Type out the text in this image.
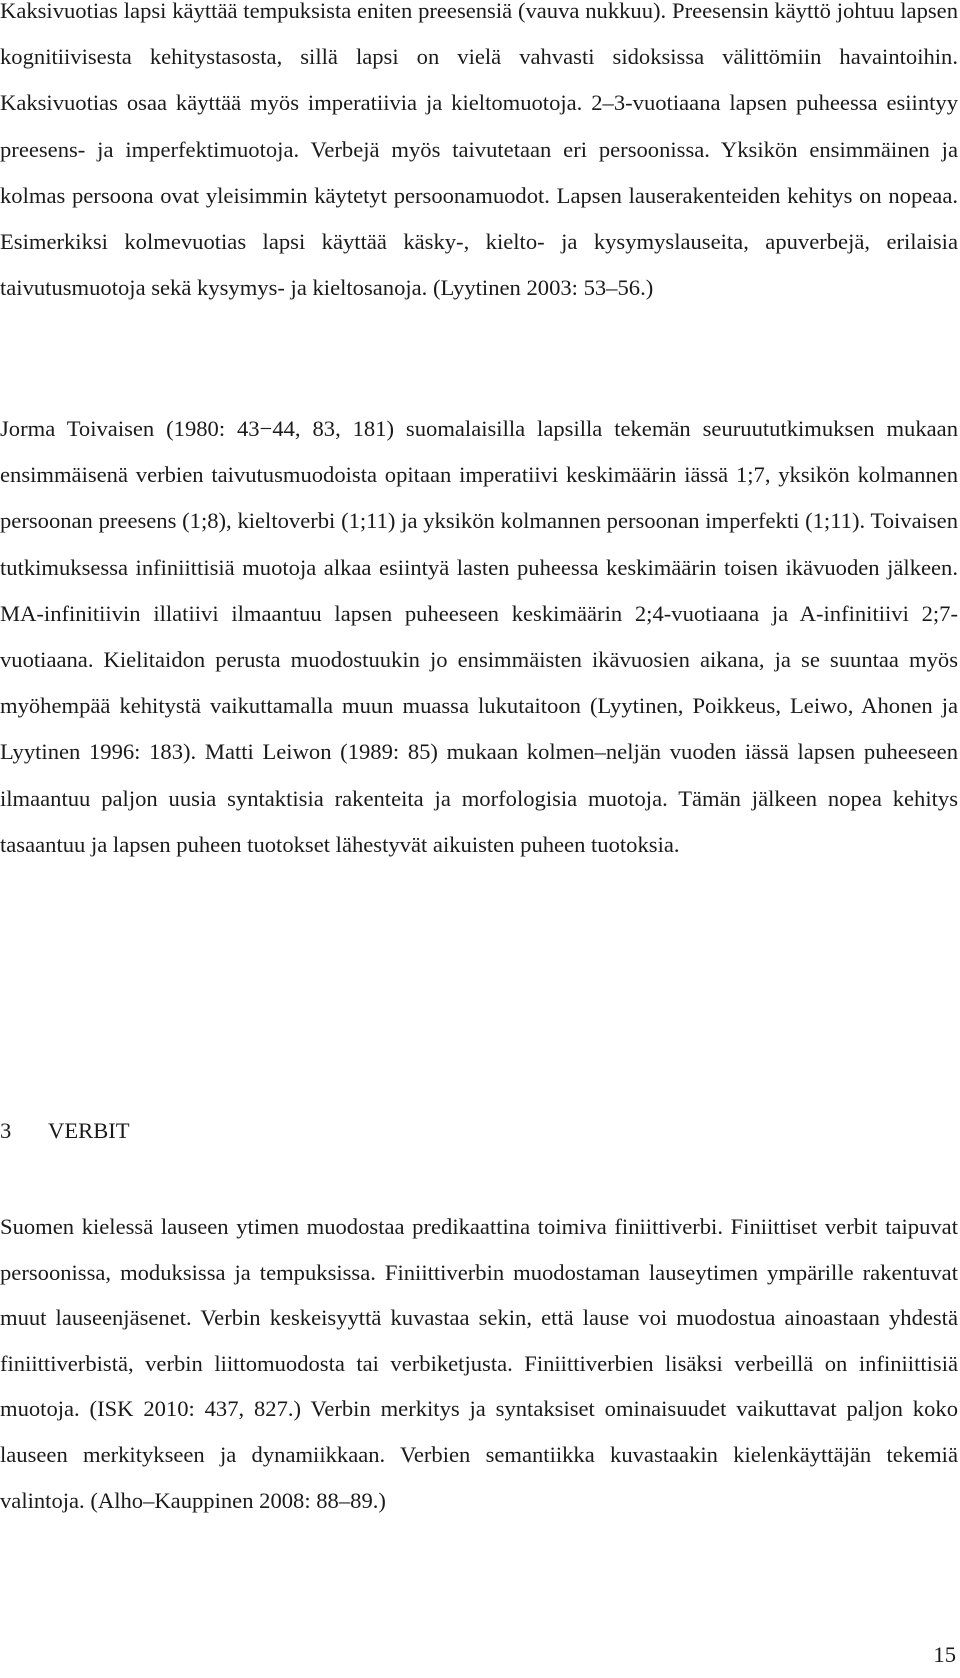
Kaksivuotias lapsi käyttää tempuksista eniten preesensiä (vauva nukkuu). Preesensin käyttö johtuu lapsen kognitiivisesta kehitystasosta, sillä lapsi on vielä vahvasti sidoksissa välittömiin havaintoihin. Kaksivuotias osaa käyttää myös imperatiivia ja kieltomuotoja. 2–3-vuotiaana lapsen puheessa esiintyy preesens- ja imperfektimuotoja. Verbejä myös taivutetaan eri persoonissa. Yksikön ensimmäinen ja kolmas persoona ovat yleisimmin käytetyt persoonamuodot. Lapsen lauserakenteiden kehitys on nopeaa. Esimerkiksi kolmevuotias lapsi käyttää käsky-, kielto- ja kysymyslauseita, apuverbejä, erilaisia taivutusmuotoja sekä kysymys- ja kieltosanoja. (Lyytinen 2003: 53–56.)

Jorma Toivaisen (1980: 43−44, 83, 181) suomalaisilla lapsilla tekemän seuruututkimuksen mukaan ensimmäisenä verbien taivutusmuodoista opitaan imperatiivi keskimäärin iässä 1;7, yksikön kolmannen persoonan preesens (1;8), kieltoverbi (1;11) ja yksikön kolmannen persoonan imperfekti (1;11). Toivaisen tutkimuksessa infiniittisiä muotoja alkaa esiintyä lasten puheessa keskimäärin toisen ikävuoden jälkeen. MA-infinitiivin illatiivi ilmaantuu lapsen puheeseen keskimäärin 2;4-vuotiaana ja A-infinitiivi 2;7-vuotiaana. Kielitaidon perusta muodostuukin jo ensimmäisten ikävuosien aikana, ja se suuntaa myös myöhempää kehitystä vaikuttamalla muun muassa lukutaitoon (Lyytinen, Poikkeus, Leiwo, Ahonen ja Lyytinen 1996: 183). Matti Leiwon (1989: 85) mukaan kolmen–neljän vuoden iässä lapsen puheeseen ilmaantuu paljon uusia syntaktisia rakenteita ja morfologisia muotoja. Tämän jälkeen nopea kehitys tasaantuu ja lapsen puheen tuotokset lähestyvät aikuisten puheen tuotoksia.

3 VERBIT

Suomen kielessä lauseen ytimen muodostaa predikaattina toimiva finiittiverbi. Finiittiset verbit taipuvat persoonissa, moduksissa ja tempuksissa. Finiittiverbin muodostaman lauseytimen ympärille rakentuvat muut lauseenjäsenet. Verbin keskeisyyttä kuvastaa sekin, että lause voi muodostua ainoastaan yhdestä finiittiverbistä, verbin liittomuodosta tai verbiketjusta. Finiittiverbien lisäksi verbeillä on infiniittisiä muotoja. (ISK 2010: 437, 827.) Verbin merkitys ja syntaksiset ominaisuudet vaikuttavat paljon koko lauseen merkitykseen ja dynamiikkaan. Verbien semantiikka kuvastaakin kielenkäyttäjän tekemiä valintoja. (Alho–Kauppinen 2008: 88–89.)

15
